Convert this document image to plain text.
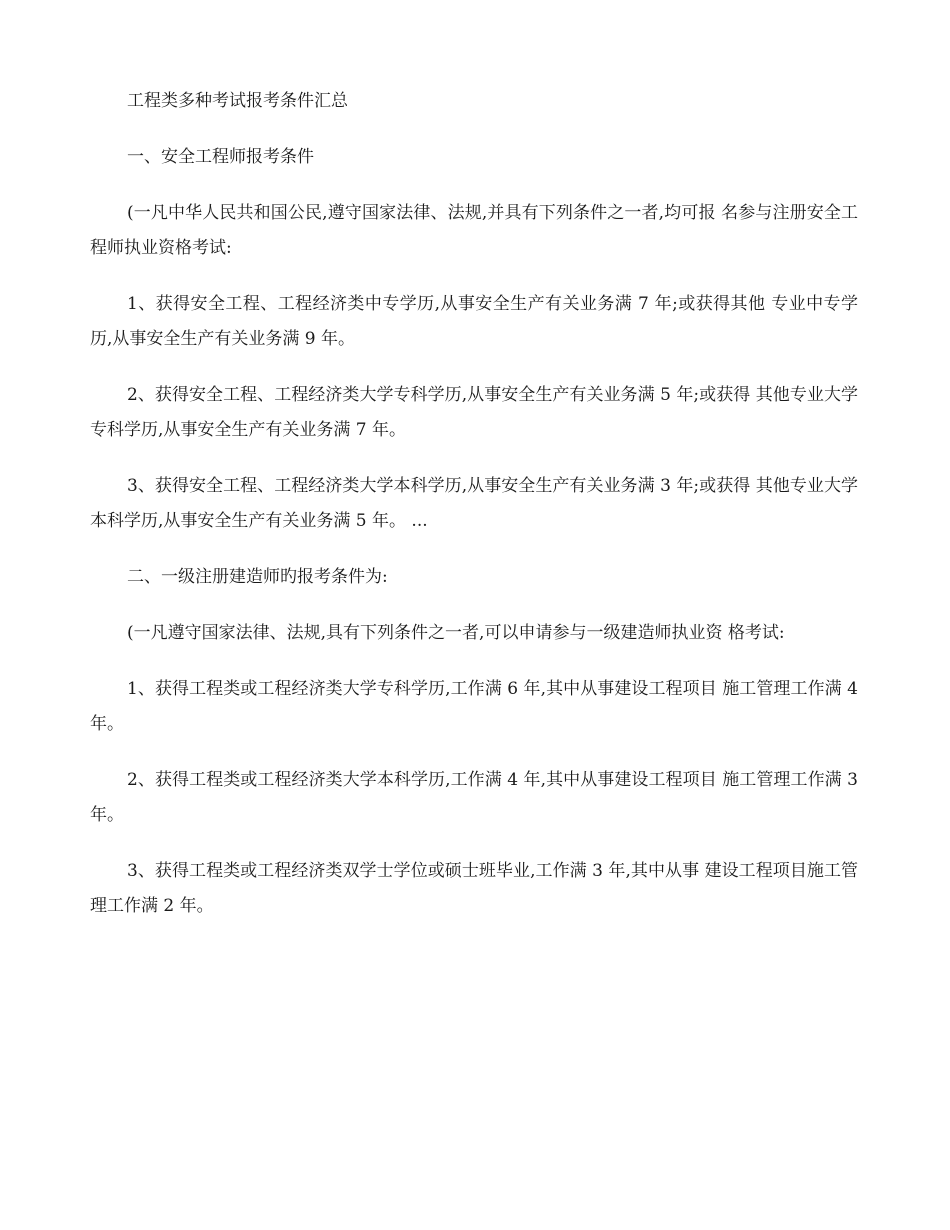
工程类多种考试报考条件汇总

一、安全工程师报考条件

(一凡中华人民共和国公民,遵守国家法律、法规,并具有下列条件之一者,均可报 名参与注册安全工程师执业资格考试:

1、获得安全工程、工程经济类中专学历,从事安全生产有关业务满 7 年;或获得其他 专业中专学历,从事安全生产有关业务满 9 年。

2、获得安全工程、工程经济类大学专科学历,从事安全生产有关业务满 5 年;或获得 其他专业大学专科学历,从事安全生产有关业务满 7 年。

3、获得安全工程、工程经济类大学本科学历,从事安全生产有关业务满 3 年;或获得 其他专业大学本科学历,从事安全生产有关业务满 5 年。 ...

二、一级注册建造师旳报考条件为:

(一凡遵守国家法律、法规,具有下列条件之一者,可以申请参与一级建造师执业资 格考试:

1、获得工程类或工程经济类大学专科学历,工作满 6 年,其中从事建设工程项目 施工管理工作满 4 年。

2、获得工程类或工程经济类大学本科学历,工作满 4 年,其中从事建设工程项目 施工管理工作满 3 年。

3、获得工程类或工程经济类双学士学位或硕士班毕业,工作满 3 年,其中从事 建设工程项目施工管理工作满 2 年。
